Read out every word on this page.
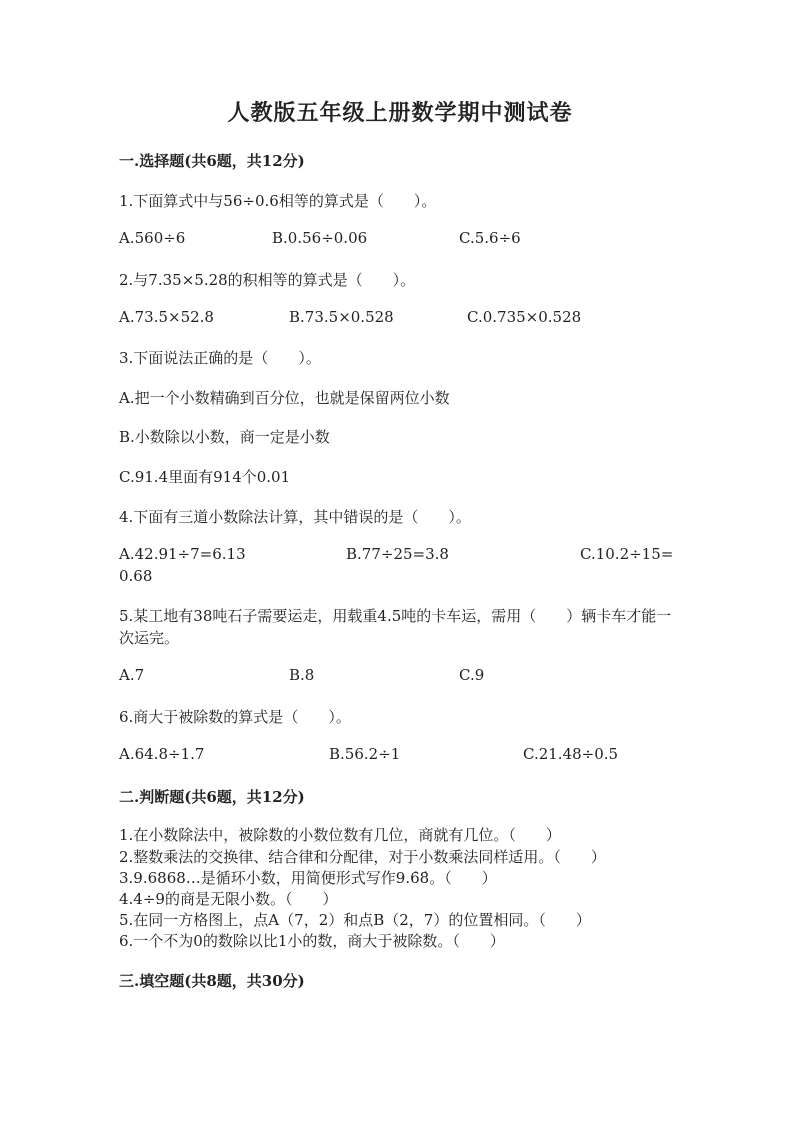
人教版五年级上册数学期中测试卷
一.选择题(共6题，共12分)
1.下面算式中与56÷0.6相等的算式是（　　）。
A.560÷6	B.0.56÷0.06	C.5.6÷6
2.与7.35×5.28的积相等的算式是（　　）。
A.73.5×52.8	B.73.5×0.528	C.0.735×0.528
3.下面说法正确的是（　　）。
A.把一个小数精确到百分位，也就是保留两位小数
B.小数除以小数，商一定是小数
C.91.4里面有914个0.01
4.下面有三道小数除法计算，其中错误的是（　　）。
A.42.91÷7=6.13	B.77÷25=3.8	C.10.2÷15=
0.68
5.某工地有38吨石子需要运走，用载重4.5吨的卡车运，需用（　　）辆卡车才能一次运完。
A.7	B.8	C.9
6.商大于被除数的算式是（　　）。
A.64.8÷1.7	B.56.2÷1	C.21.48÷0.5
二.判断题(共6题，共12分)
1.在小数除法中，被除数的小数位数有几位，商就有几位。（　　）
2.整数乘法的交换律、结合律和分配律，对于小数乘法同样适用。（　　）
3.9.6868…是循环小数，用简便形式写作9.6̇8̇。（　　）
4.4÷9的商是无限小数。（　　）
5.在同一方格图上，点A（7，2）和点B（2，7）的位置相同。（　　）
6.一个不为0的数除以比1小的数，商大于被除数。（　　）
三.填空题(共8题，共30分)
